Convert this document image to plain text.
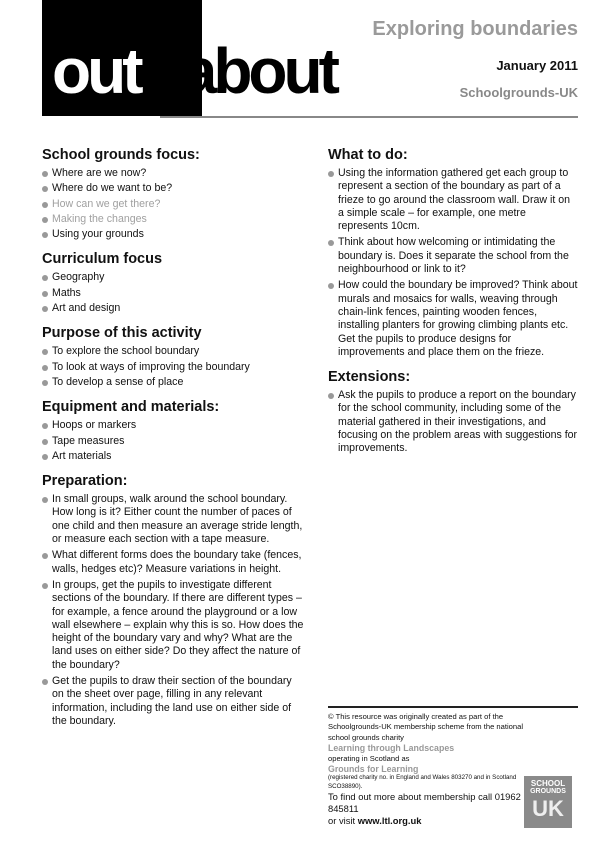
out&about
Exploring boundaries
January 2011
Schoolgrounds-UK
School grounds focus:
Where are we now?
Where do we want to be?
How can we get there?
Making the changes
Using your grounds
Curriculum focus
Geography
Maths
Art and design
Purpose of this activity
To explore the school boundary
To look at ways of improving the boundary
To develop a sense of place
Equipment and materials:
Hoops or markers
Tape measures
Art materials
Preparation:
In small groups, walk around the school boundary. How long is it? Either count the number of paces of one child and then measure an average stride length, or measure each section with a tape measure.
What different forms does the boundary take (fences, walls, hedges etc)? Measure variations in height.
In groups, get the pupils to investigate different sections of the boundary. If there are different types – for example, a fence around the playground or a low wall elsewhere – explain why this is so. How does the height of the boundary vary and why? What are the land uses on either side? Do they affect the nature of the boundary?
Get the pupils to draw their section of the boundary on the sheet over page, filling in any relevant information, including the land use on either side of the boundary.
What to do:
Using the information gathered get each group to represent a section of the boundary as part of a frieze to go around the classroom wall. Draw it on a simple scale – for example, one metre represents 10cm.
Think about how welcoming or intimidating the boundary is. Does it separate the school from the neighbourhood or link to it?
How could the boundary be improved? Think about murals and mosaics for walls, weaving through chain-link fences, painting wooden fences, installing planters for growing climbing plants etc. Get the pupils to produce designs for improvements and place them on the frieze.
Extensions:
Ask the pupils to produce a report on the boundary for the school community, including some of the material gathered in their investigations, and focusing on the problem areas with suggestions for improvements.
© This resource was originally created as part of the Schoolgrounds-UK membership scheme from the national school grounds charity
Learning through Landscapes
operating in Scotland as
Grounds for Learning
(registered charity no. in England and Wales 803270 and in Scotland SCO38890).
To find out more about membership call 01962 845811
or visit www.ltl.org.uk
SCHOOL
GROUNDS
UK
